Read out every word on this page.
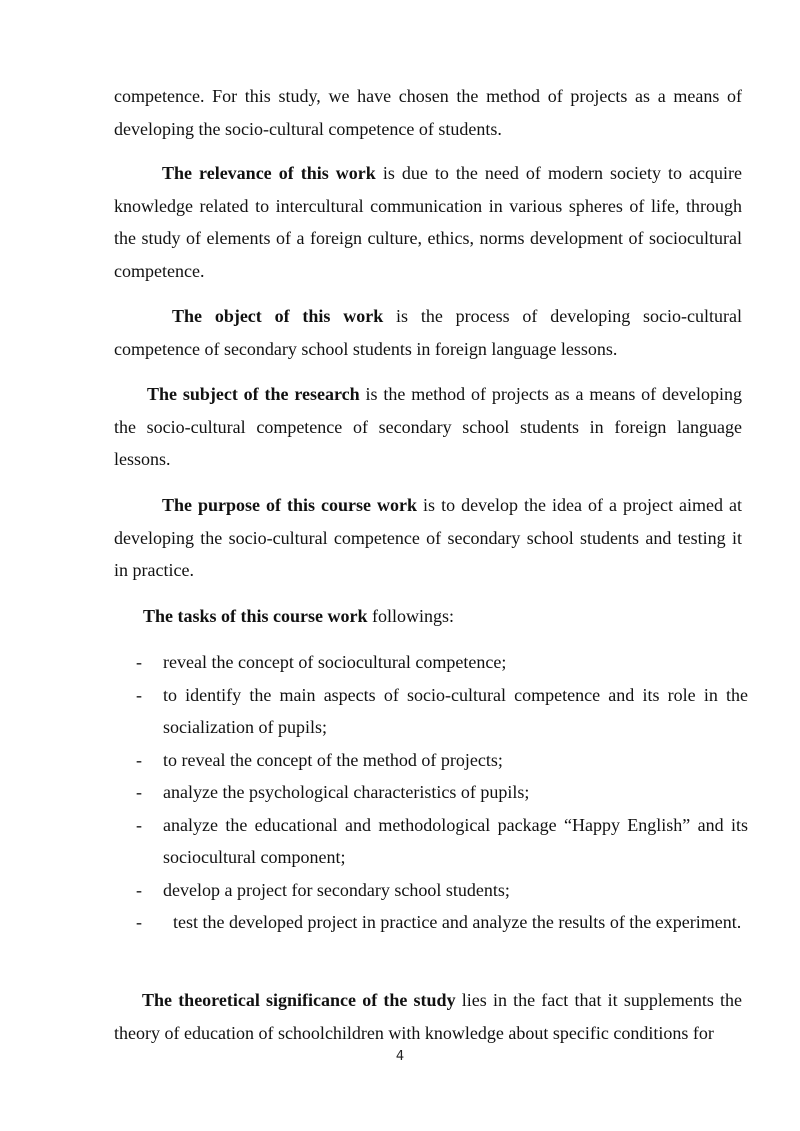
competence. For this study, we have chosen the method of projects as a means of developing the socio-cultural competence of students.
The relevance of this work is due to the need of modern society to acquire knowledge related to intercultural communication in various spheres of life, through the study of elements of a foreign culture, ethics, norms development of sociocultural competence.
The object of this work is the process of developing socio-cultural competence of secondary school students in foreign language lessons.
The subject of the research is the method of projects as a means of developing the socio-cultural competence of secondary school students in foreign language lessons.
The purpose of this course work is to develop the idea of a project aimed at developing the socio-cultural competence of secondary school students and testing it in practice.
The tasks of this course work followings:
- reveal the concept of sociocultural competence;
- to identify the main aspects of socio-cultural competence and its role in the socialization of pupils;
- to reveal the concept of the method of projects;
- analyze the psychological characteristics of pupils;
- analyze the educational and methodological package “Happy English” and its sociocultural component;
- develop a project for secondary school students;
- test the developed project in practice and analyze the results of the experiment.
The theoretical significance of the study lies in the fact that it supplements the theory of education of schoolchildren with knowledge about specific conditions for
4
